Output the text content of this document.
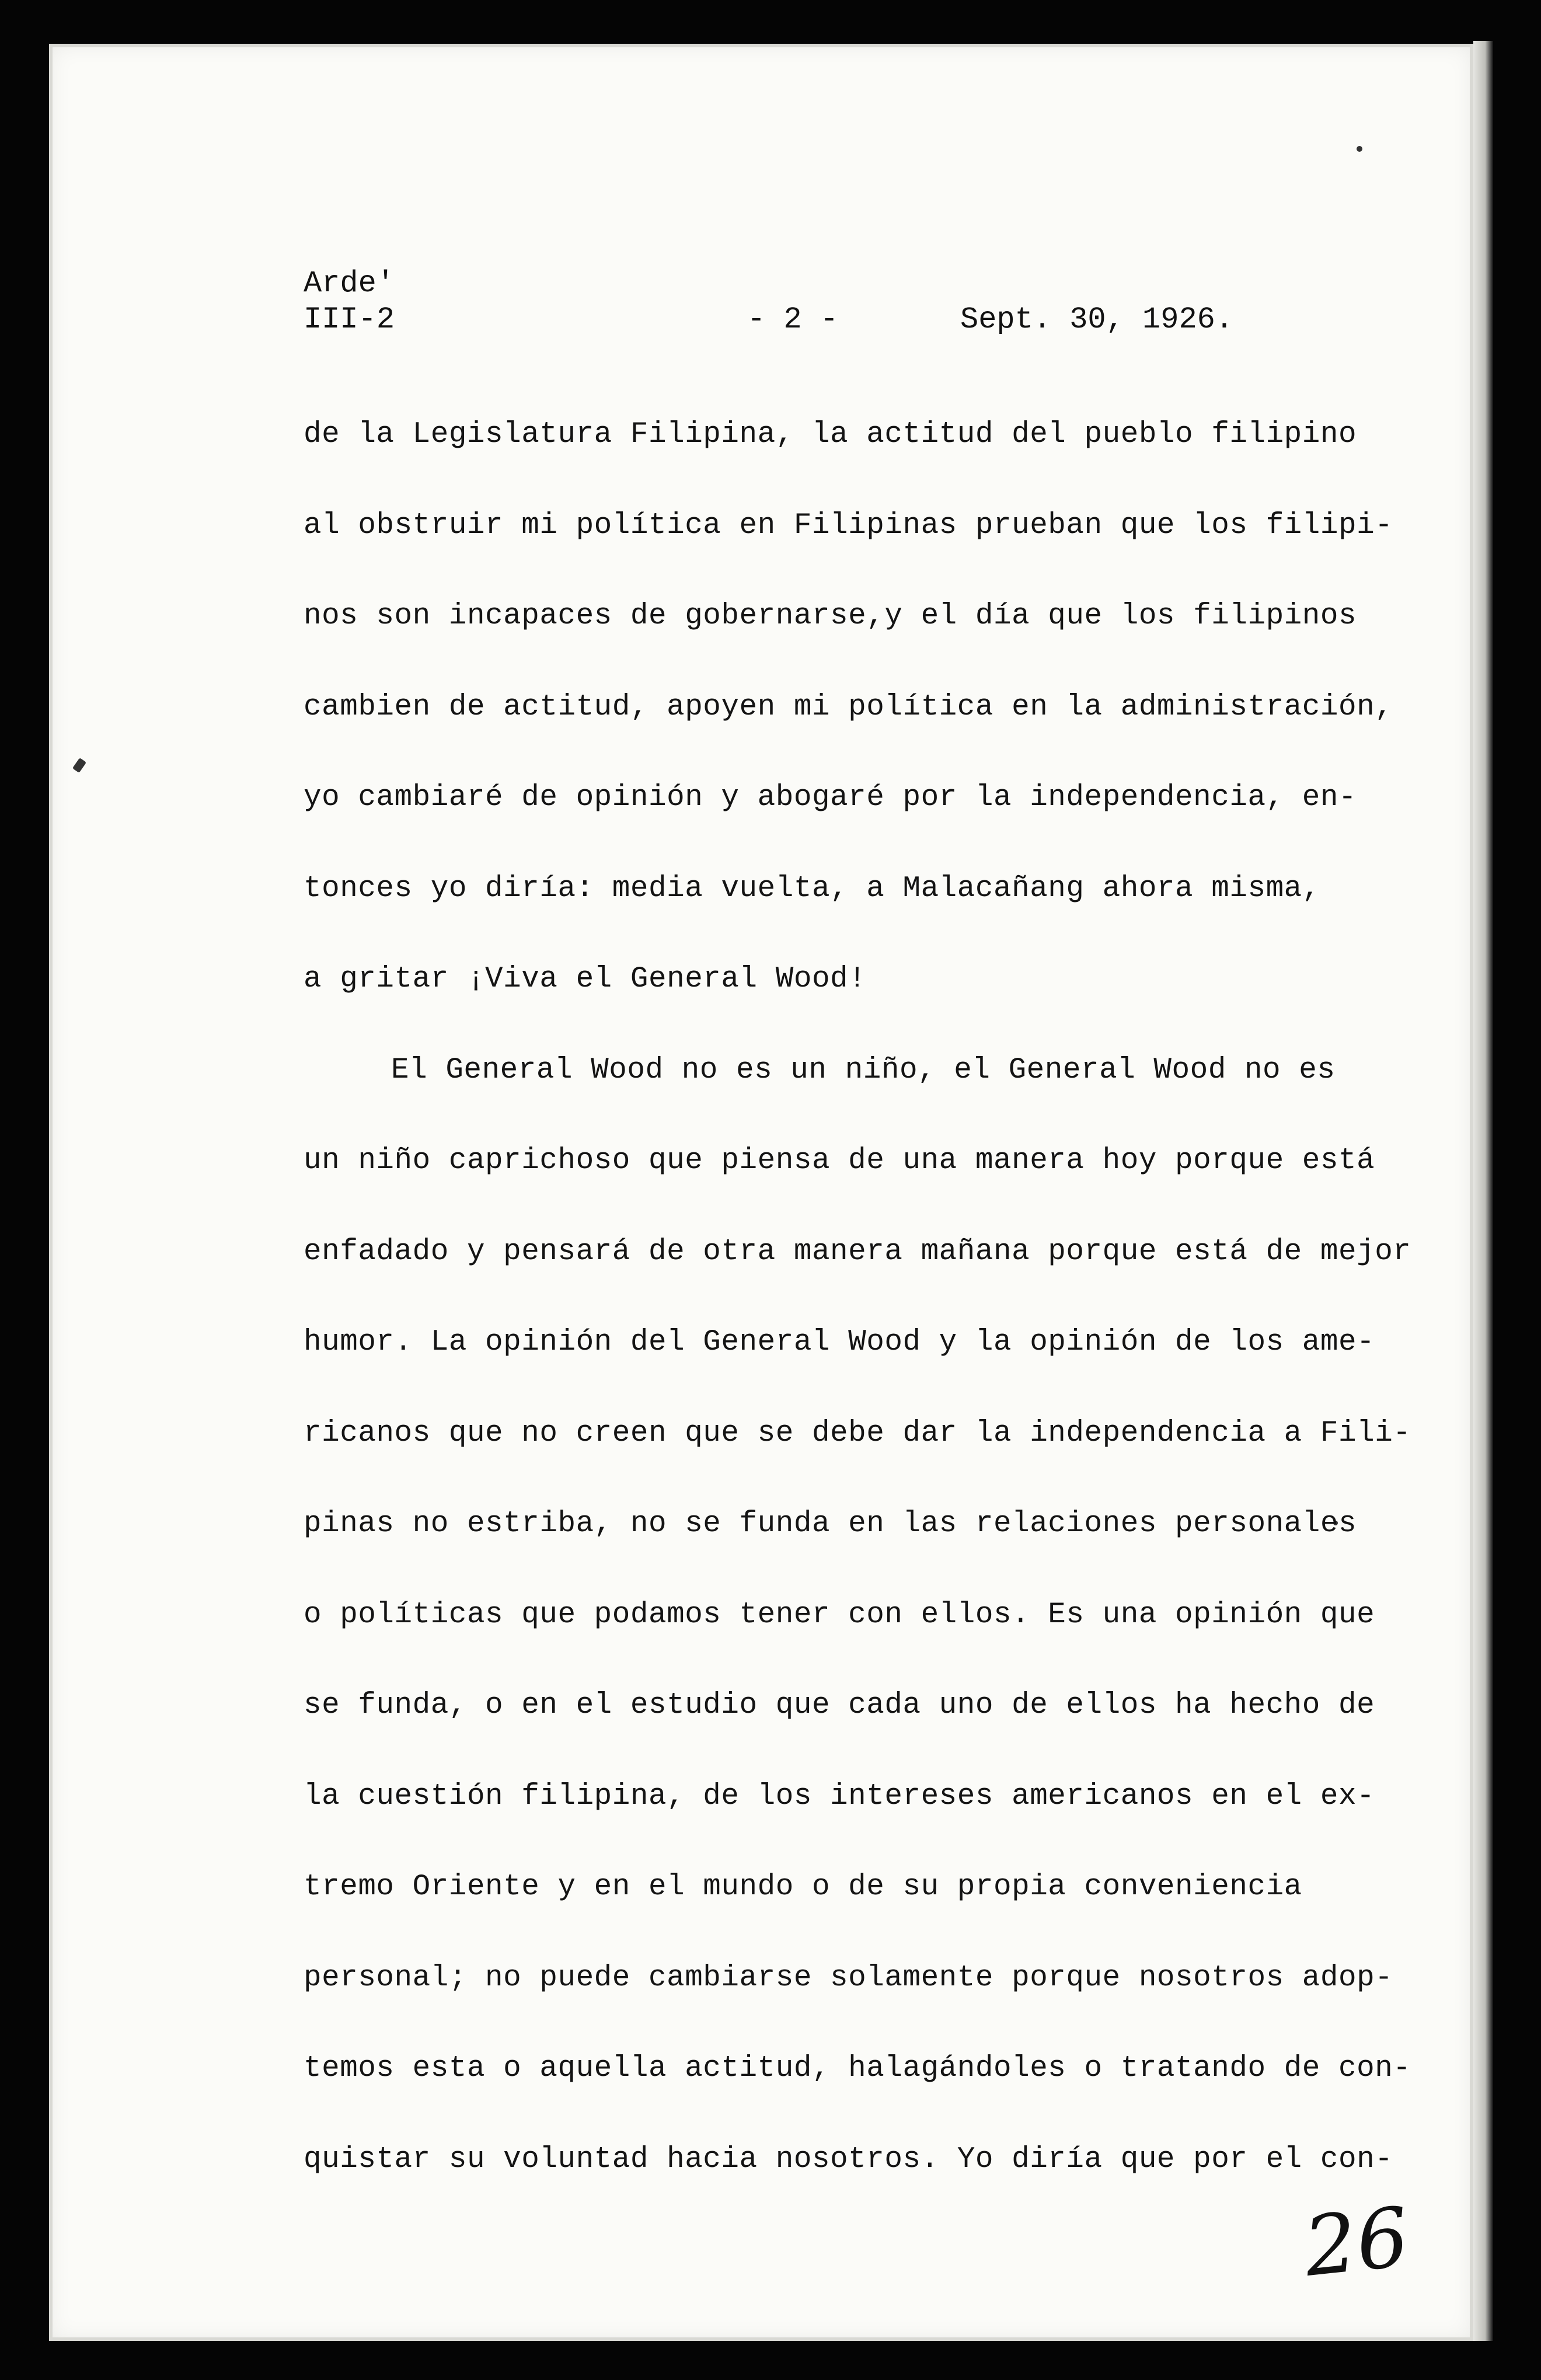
Arde'
III-2	- 2 -	Sept. 30, 1926.
de la Legislatura Filipina, la actitud del pueblo filipino
al obstruir mi política en Filipinas prueban que los filipi-
nos son incapaces de gobernarse,y el día que los filipinos
cambien de actitud, apoyen mi política en la administración,
yo cambiaré de opinión y abogaré por la independencia, en-
tonces yo diría: media vuelta, a Malacañang ahora misma,
a gritar ¡Viva el General Wood!
El General Wood no es un niño, el General Wood no es
un niño caprichoso que piensa de una manera hoy porque está
enfadado y pensará de otra manera mañana porque está de mejor
humor. La opinión del General Wood y la opinión de los ame-
ricanos que no creen que se debe dar la independencia a Fili-
pinas no estriba, no se funda en las relaciones personales
o políticas que podamos tener con ellos. Es una opinión que
se funda, o en el estudio que cada uno de ellos ha hecho de
la cuestión filipina, de los intereses americanos en el ex-
tremo Oriente y en el mundo o de su propia conveniencia
personal; no puede cambiarse solamente porque nosotros adop-
temos esta o aquella actitud, halagándoles o tratando de con-
quistar su voluntad hacia nosotros. Yo diría que por el con-
26
